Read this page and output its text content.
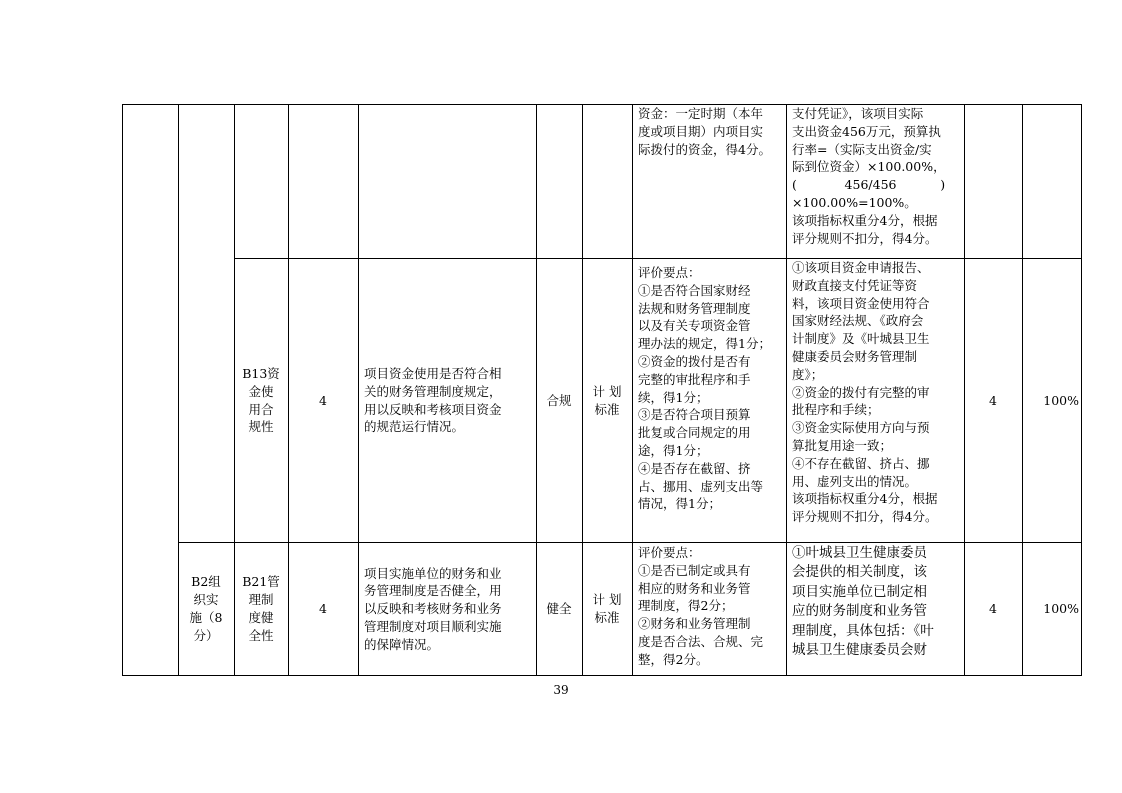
资金：一定时期（本年
度或项目期）内项目实
际拨付的资金，得4分。
支付凭证》，该项目实际
支出资金456万元，预算执
行率=（实际支出资金/实
际到位资金）×100.00%，
(            456/456           )
×100.00%=100%。
该项指标权重分4分，根据
评分规则不扣分，得4分。
B13资
金使
用合
规性
4
项目资金使用是否符合相
关的财务管理制度规定，
用以反映和考核项目资金
的规范运行情况。
合规
计 划
标准
评价要点：
①是否符合国家财经
法规和财务管理制度
以及有关专项资金管
理办法的规定，得1分；
②资金的拨付是否有
完整的审批程序和手
续，得1分；
③是否符合项目预算
批复或合同规定的用
途，得1分；
④是否存在截留、挤
占、挪用、虚列支出等
情况，得1分；
①该项目资金申请报告、
财政直接支付凭证等资
料，该项目资金使用符合
国家财经法规、《政府会
计制度》及《叶城县卫生
健康委员会财务管理制
度》；
②资金的拨付有完整的审
批程序和手续；
③资金实际使用方向与预
算批复用途一致；
④不存在截留、挤占、挪
用、虚列支出的情况。
该项指标权重分4分，根据
评分规则不扣分，得4分。
4	100%
B2组
织实
施（8
分）
B21管
理制
度健
全性
4
项目实施单位的财务和业
务管理制度是否健全，用
以反映和考核财务和业务
管理制度对项目顺利实施
的保障情况。
健全
计 划
标准
评价要点：
①是否已制定或具有
相应的财务和业务管
理制度，得2分；
②财务和业务管理制
度是否合法、合规、完
整，得2分。
①叶城县卫生健康委员
会提供的相关制度，该
项目实施单位已制定相
应的财务制度和业务管
理制度，具体包括：《叶
城县卫生健康委员会财
4	100%
39
